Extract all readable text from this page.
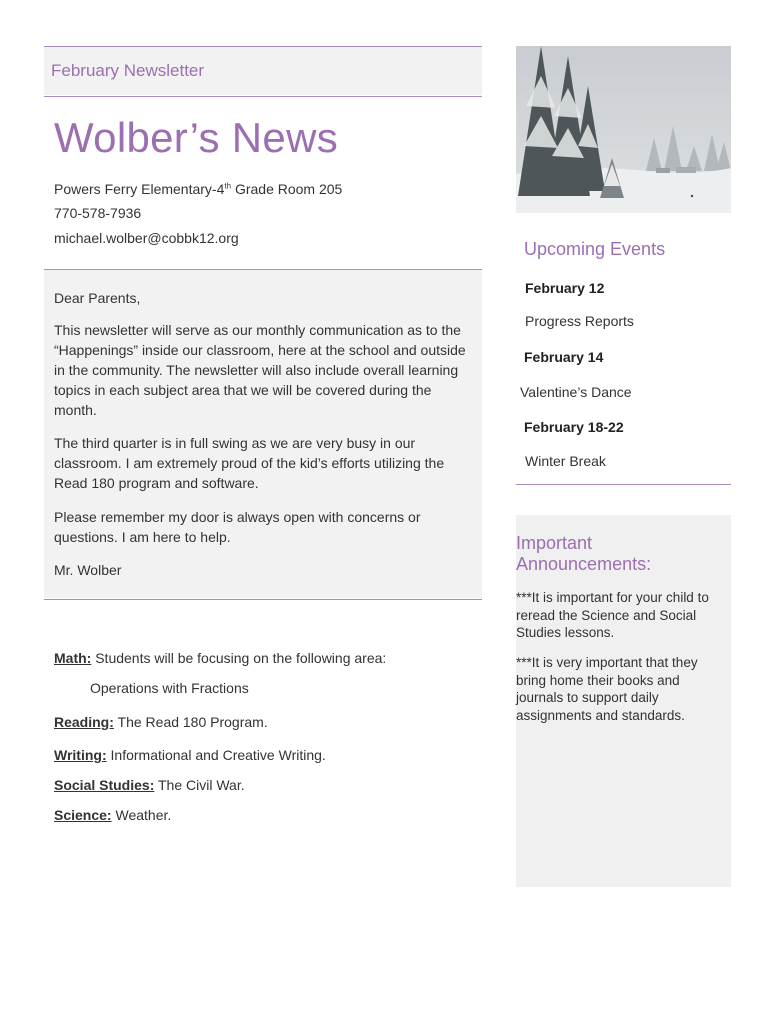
February Newsletter
Wolber’s News
Powers Ferry Elementary-4th Grade Room 205
770-578-7936
michael.wolber@cobbk12.org

Dear Parents,

This newsletter will serve as our monthly communication as to the “Happenings” inside our classroom, here at the school and outside in the community. The newsletter will also include overall learning topics in each subject area that we will be covered during the month.

The third quarter is in full swing as we are very busy in our classroom. I am extremely proud of the kid’s efforts utilizing the Read 180 program and software.

Please remember my door is always open with concerns or questions. I am here to help.

Mr. Wolber

Math: Students will be focusing on the following area:
Operations with Fractions
Reading: The Read 180 Program.
Writing: Informational and Creative Writing.
Social Studies: The Civil War.
Science: Weather.
Upcoming Events
February 12
Progress Reports
February 14
Valentine’s Dance
February 18-22
Winter Break
Important Announcements:

***It is important for your child to reread the Science and Social Studies lessons.

***It is very important that they bring home their books and journals to support daily assignments and standards.
